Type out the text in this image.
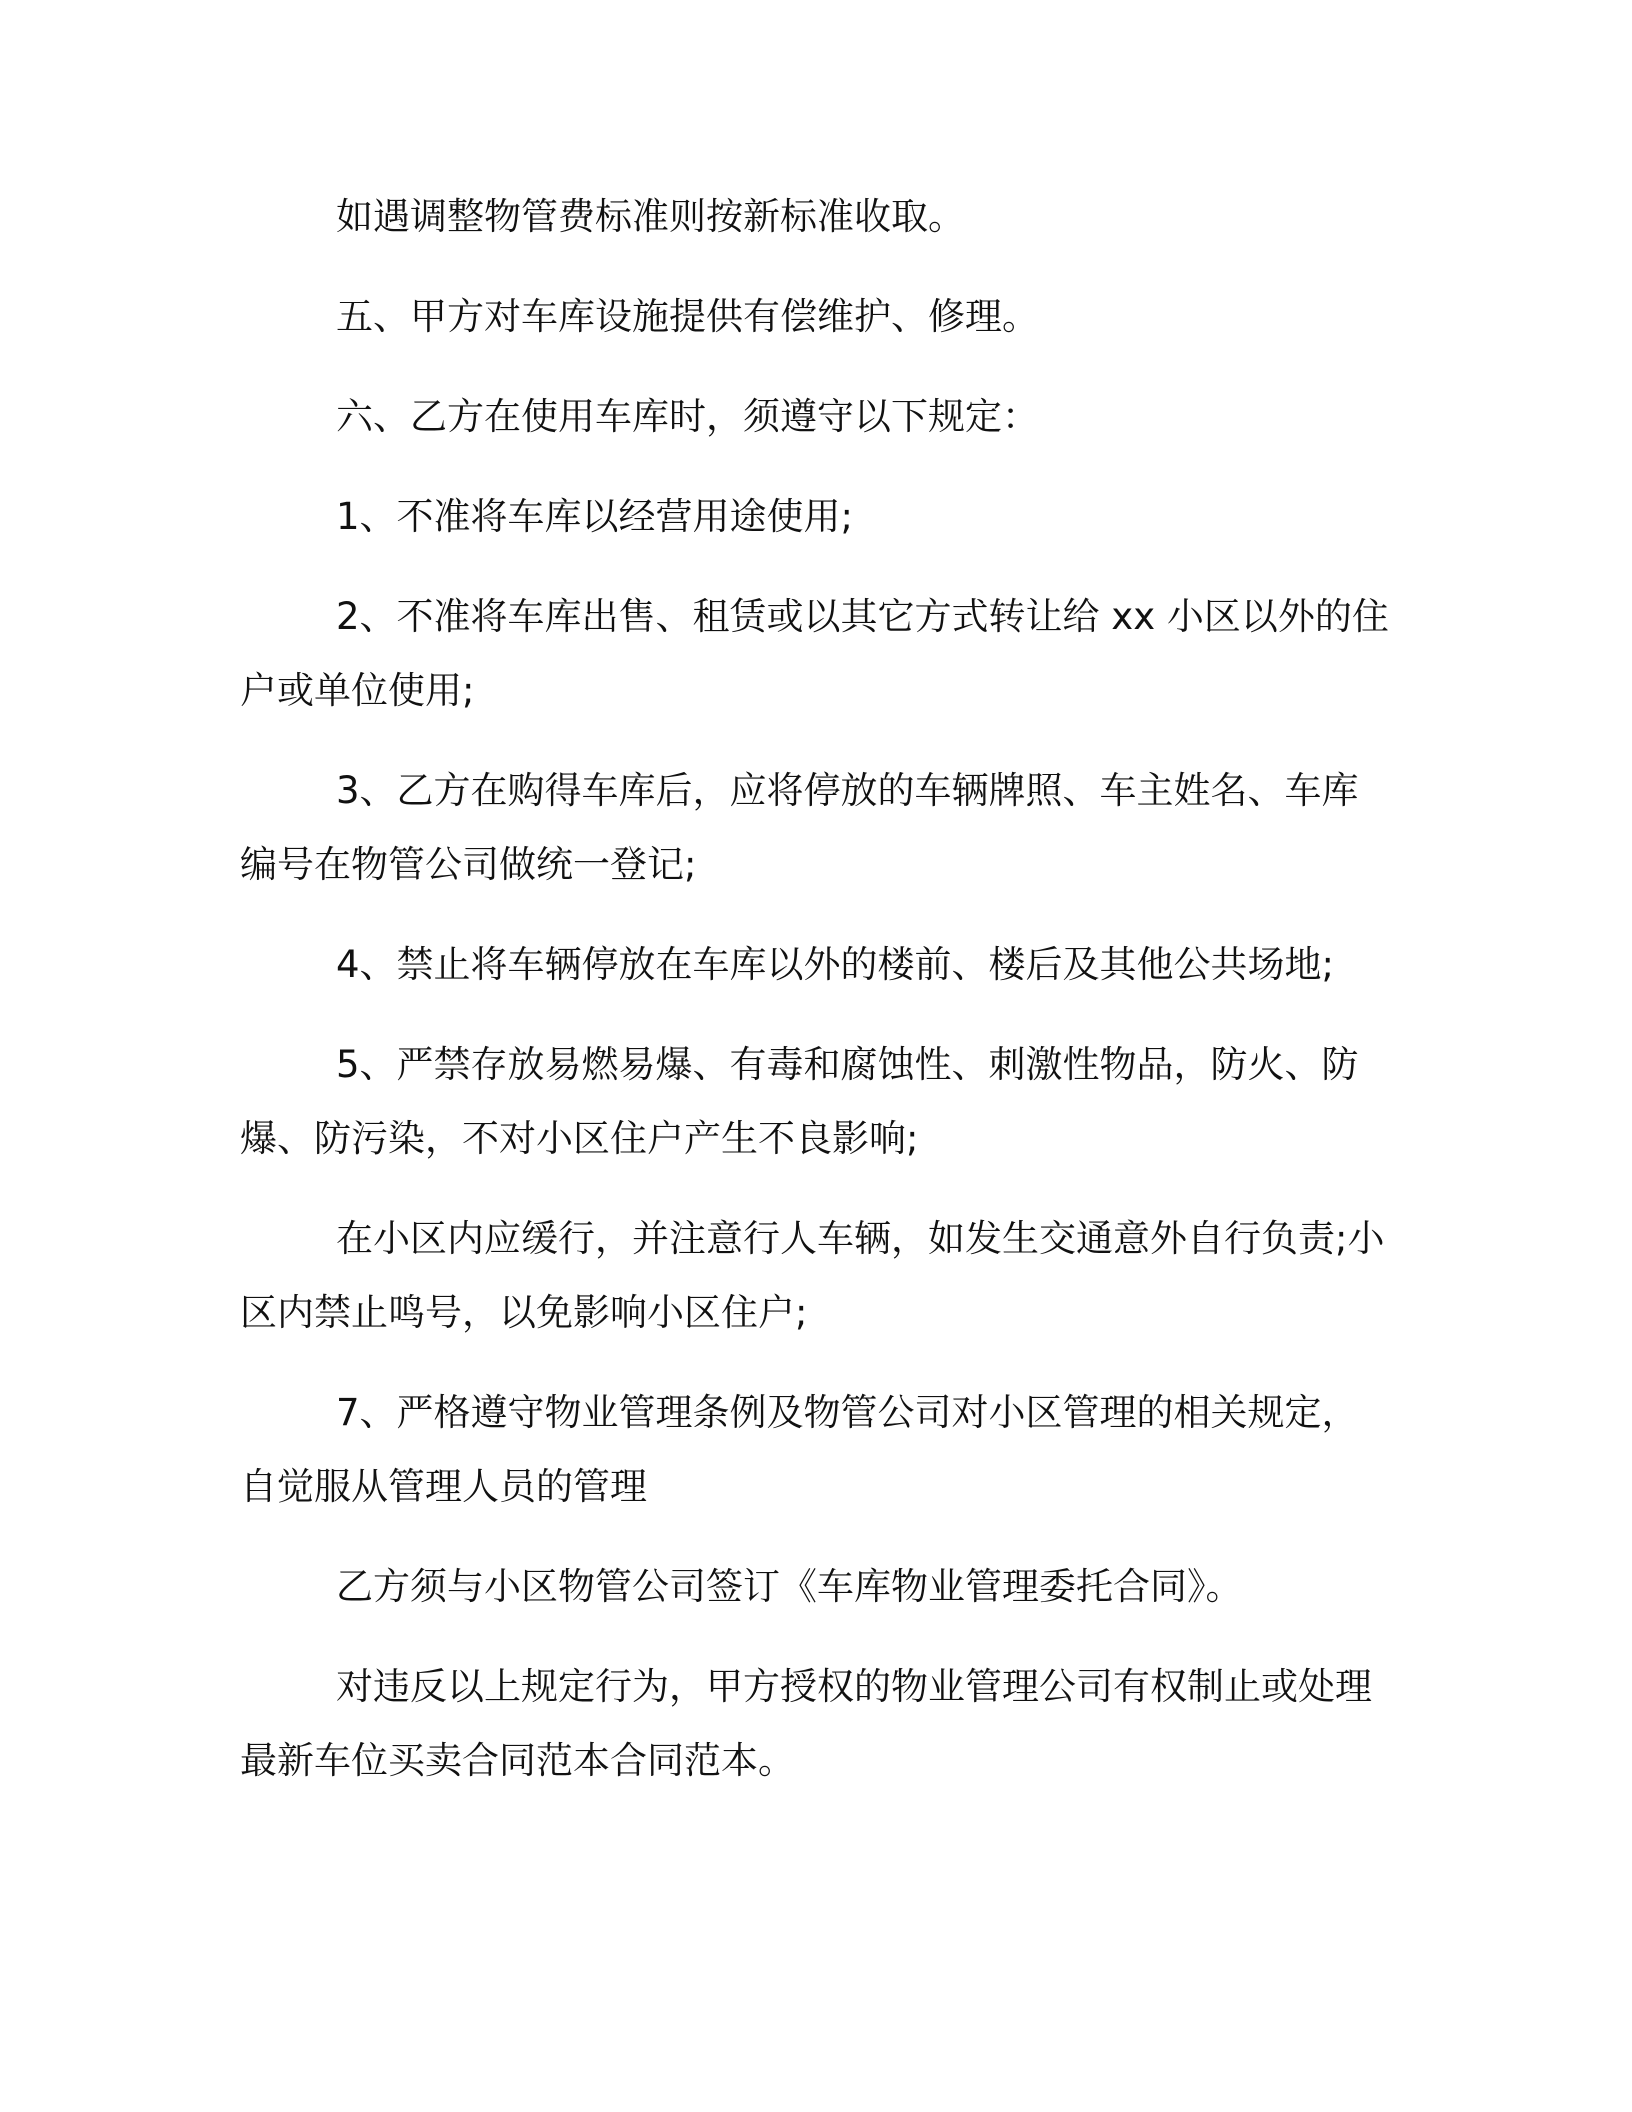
如遇调整物管费标准则按新标准收取。

五、甲方对车库设施提供有偿维护、修理。

六、乙方在使用车库时，须遵守以下规定：

1、不准将车库以经营用途使用;

2、不准将车库出售、租赁或以其它方式转让给 xx 小区以外的住户或单位使用;

3、乙方在购得车库后，应将停放的车辆牌照、车主姓名、车库编号在物管公司做统一登记;

4、禁止将车辆停放在车库以外的楼前、楼后及其他公共场地;

5、严禁存放易燃易爆、有毒和腐蚀性、刺激性物品，防火、防爆、防污染，不对小区住户产生不良影响;

在小区内应缓行，并注意行人车辆，如发生交通意外自行负责;小区内禁止鸣号，以免影响小区住户;

7、严格遵守物业管理条例及物管公司对小区管理的相关规定，自觉服从管理人员的管理

乙方须与小区物管公司签订《车库物业管理委托合同》。

对违反以上规定行为，甲方授权的物业管理公司有权制止或处理最新车位买卖合同范本合同范本。
